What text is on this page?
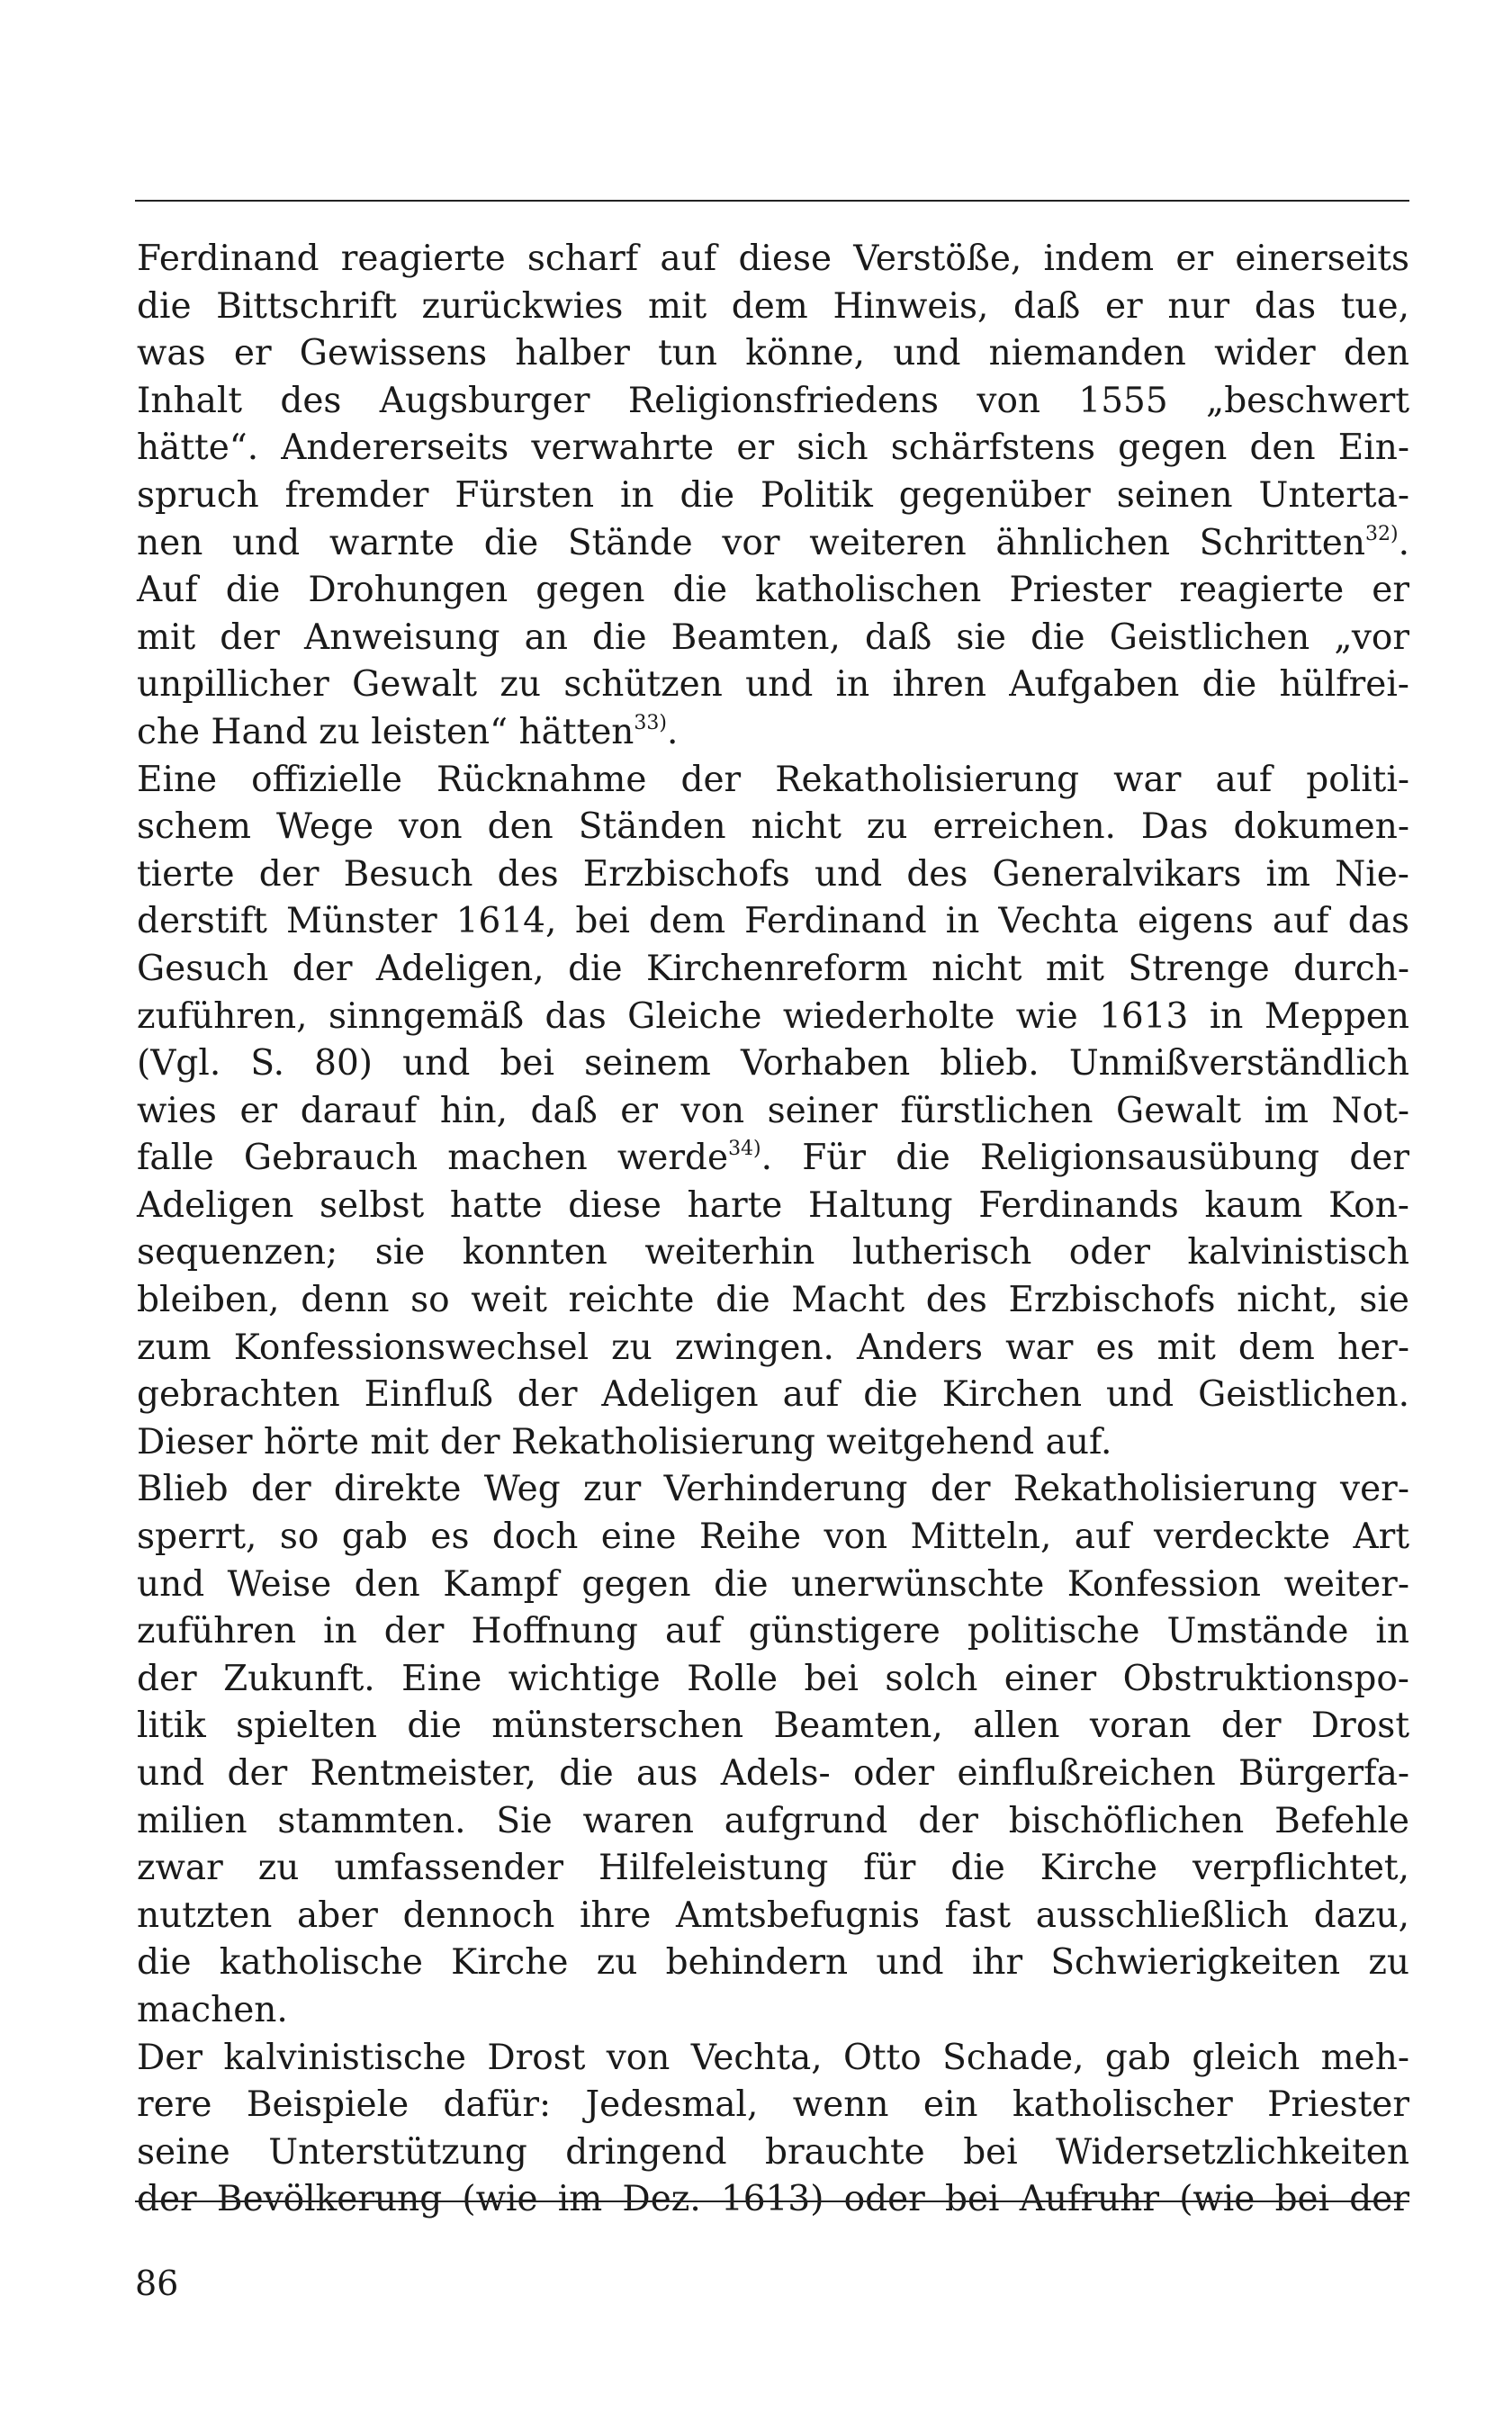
Ferdinand reagierte scharf auf diese Verstöße, indem er einerseits
die Bittschrift zurückwies mit dem Hinweis, daß er nur das tue,
was er Gewissens halber tun könne, und niemanden wider den
Inhalt des Augsburger Religionsfriedens von 1555 „beschwert
hätte“. Andererseits verwahrte er sich schärfstens gegen den Ein-
spruch fremder Fürsten in die Politik gegenüber seinen Unterta-
nen und warnte die Stände vor weiteren ähnlichen Schritten$^{32)}$.
Auf die Drohungen gegen die katholischen Priester reagierte er
mit der Anweisung an die Beamten, daß sie die Geistlichen „vor
unpillicher Gewalt zu schützen und in ihren Aufgaben die hülfrei-
che Hand zu leisten“ hätten$^{33)}$.
Eine offizielle Rücknahme der Rekatholisierung war auf politi-
schem Wege von den Ständen nicht zu erreichen. Das dokumen-
tierte der Besuch des Erzbischofs und des Generalvikars im Nie-
derstift Münster 1614, bei dem Ferdinand in Vechta eigens auf das
Gesuch der Adeligen, die Kirchenreform nicht mit Strenge durch-
zuführen, sinngemäß das Gleiche wiederholte wie 1613 in Meppen
(Vgl. S. 80) und bei seinem Vorhaben blieb. Unmißverständlich
wies er darauf hin, daß er von seiner fürstlichen Gewalt im Not-
falle Gebrauch machen werde$^{34)}$. Für die Religionsausübung der
Adeligen selbst hatte diese harte Haltung Ferdinands kaum Kon-
sequenzen; sie konnten weiterhin lutherisch oder kalvinistisch
bleiben, denn so weit reichte die Macht des Erzbischofs nicht, sie
zum Konfessionswechsel zu zwingen. Anders war es mit dem her-
gebrachten Einfluß der Adeligen auf die Kirchen und Geistlichen.
Dieser hörte mit der Rekatholisierung weitgehend auf.
Blieb der direkte Weg zur Verhinderung der Rekatholisierung ver-
sperrt, so gab es doch eine Reihe von Mitteln, auf verdeckte Art
und Weise den Kampf gegen die unerwünschte Konfession weiter-
zuführen in der Hoffnung auf günstigere politische Umstände in
der Zukunft. Eine wichtige Rolle bei solch einer Obstruktionspo-
litik spielten die münsterschen Beamten, allen voran der Drost
und der Rentmeister, die aus Adels- oder einflußreichen Bürgerfa-
milien stammten. Sie waren aufgrund der bischöflichen Befehle
zwar zu umfassender Hilfeleistung für die Kirche verpflichtet,
nutzten aber dennoch ihre Amtsbefugnis fast ausschließlich dazu,
die katholische Kirche zu behindern und ihr Schwierigkeiten zu
machen.
Der kalvinistische Drost von Vechta, Otto Schade, gab gleich meh-
rere Beispiele dafür: Jedesmal, wenn ein katholischer Priester
seine Unterstützung dringend brauchte bei Widersetzlichkeiten
der Bevölkerung (wie im Dez. 1613) oder bei Aufruhr (wie bei der
86
